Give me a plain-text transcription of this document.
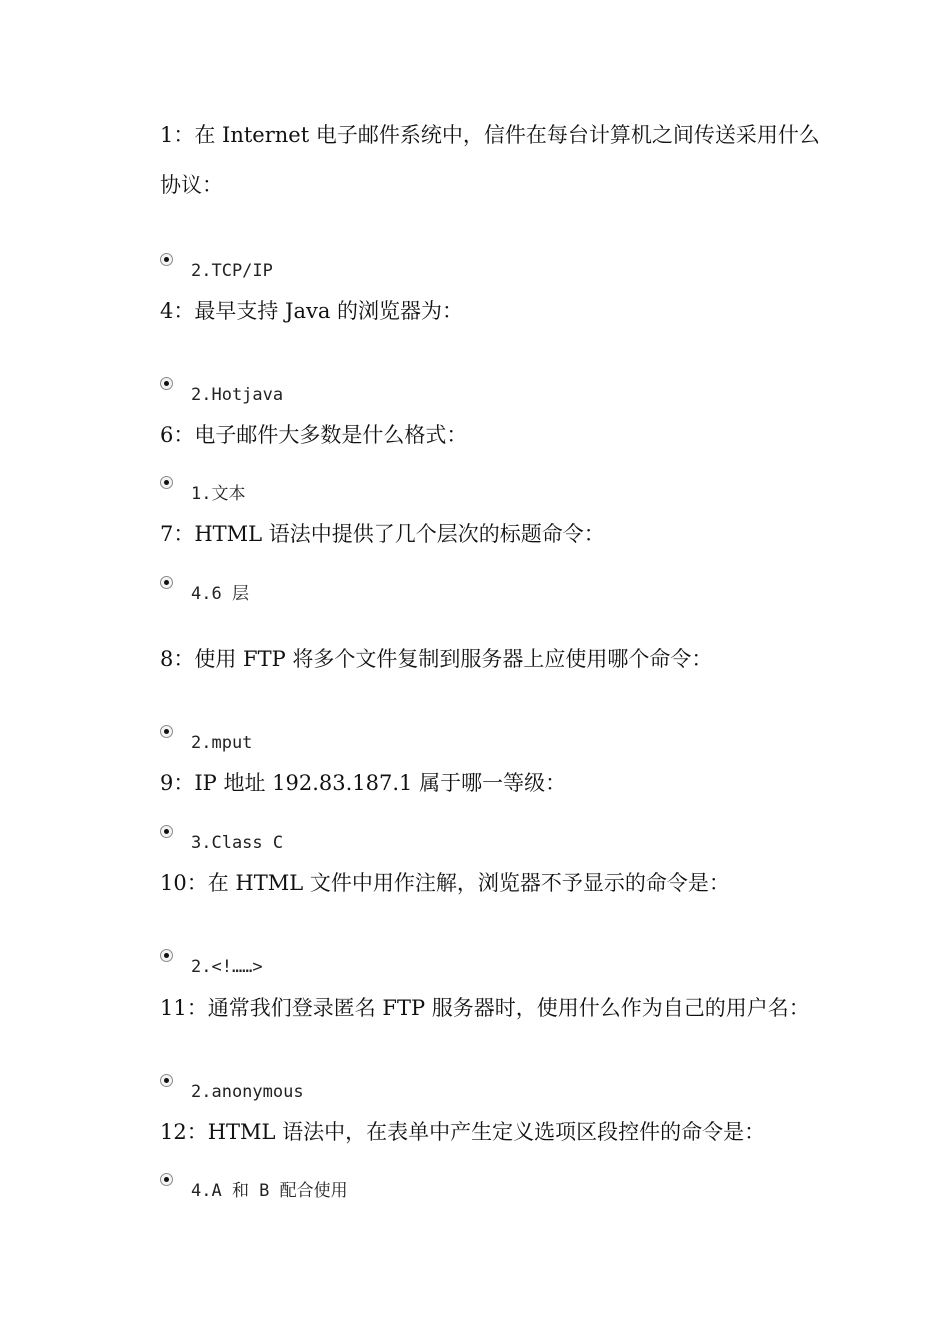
1：在 Internet 电子邮件系统中，信件在每台计算机之间传送采用什么协议：

2.TCP/IP

4：最早支持 Java 的浏览器为：

2.Hotjava

6：电子邮件大多数是什么格式：

1.文本

7：HTML 语法中提供了几个层次的标题命令：

4.6 层

8：使用 FTP 将多个文件复制到服务器上应使用哪个命令：

2.mput

9：IP 地址 192.83.187.1 属于哪一等级：

3.Class C

10：在 HTML 文件中用作注解，浏览器不予显示的命令是：

2.<!……>

11：通常我们登录匿名 FTP 服务器时，使用什么作为自己的用户名：

2.anonymous

12：HTML 语法中，在表单中产生定义选项区段控件的命令是：

4.A 和 B 配合使用
